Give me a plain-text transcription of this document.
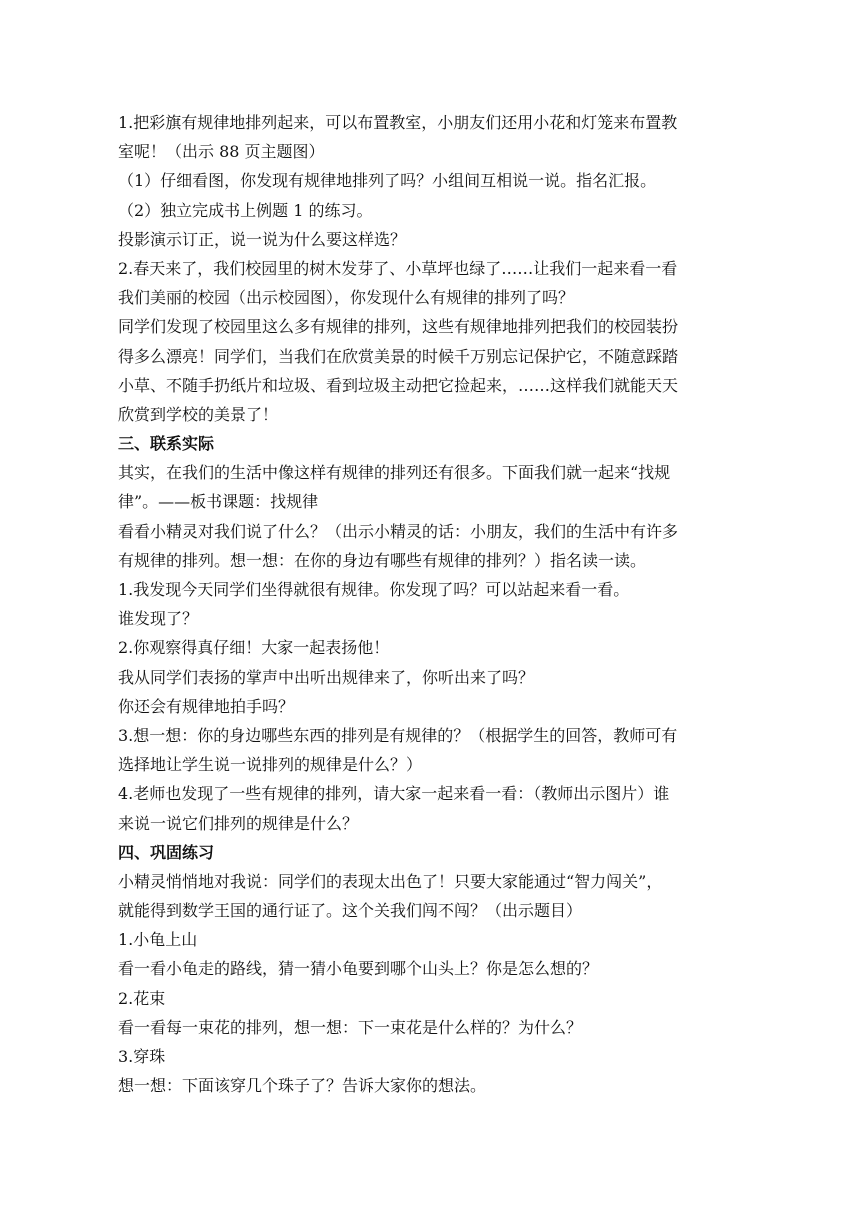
1.把彩旗有规律地排列起来，可以布置教室，小朋友们还用小花和灯笼来布置教
室呢！（出示 88 页主题图）
（1）仔细看图，你发现有规律地排列了吗？小组间互相说一说。指名汇报。
（2）独立完成书上例题 1 的练习。
投影演示订正，说一说为什么要这样选？
2.春天来了，我们校园里的树木发芽了、小草坪也绿了……让我们一起来看一看
我们美丽的校园（出示校园图），你发现什么有规律的排列了吗？
同学们发现了校园里这么多有规律的排列，这些有规律地排列把我们的校园装扮
得多么漂亮！同学们，当我们在欣赏美景的时候千万别忘记保护它，不随意踩踏
小草、不随手扔纸片和垃圾、看到垃圾主动把它捡起来，……这样我们就能天天
欣赏到学校的美景了！
三、联系实际
其实，在我们的生活中像这样有规律的排列还有很多。下面我们就一起来“找规
律”。——板书课题：找规律
看看小精灵对我们说了什么？（出示小精灵的话：小朋友，我们的生活中有许多
有规律的排列。想一想：在你的身边有哪些有规律的排列？）指名读一读。
1.我发现今天同学们坐得就很有规律。你发现了吗？可以站起来看一看。
谁发现了？
2.你观察得真仔细！大家一起表扬他！
我从同学们表扬的掌声中出听出规律来了，你听出来了吗？
你还会有规律地拍手吗？
3.想一想：你的身边哪些东西的排列是有规律的？（根据学生的回答，教师可有
选择地让学生说一说排列的规律是什么？）
4.老师也发现了一些有规律的排列，请大家一起来看一看：（教师出示图片）谁
来说一说它们排列的规律是什么？
四、巩固练习
小精灵悄悄地对我说：同学们的表现太出色了！只要大家能通过“智力闯关”，
就能得到数学王国的通行证了。这个关我们闯不闯？（出示题目）
1.小龟上山
看一看小龟走的路线，猜一猜小龟要到哪个山头上？你是怎么想的？
2.花束
看一看每一束花的排列，想一想：下一束花是什么样的？为什么？
3.穿珠
想一想：下面该穿几个珠子了？告诉大家你的想法。
